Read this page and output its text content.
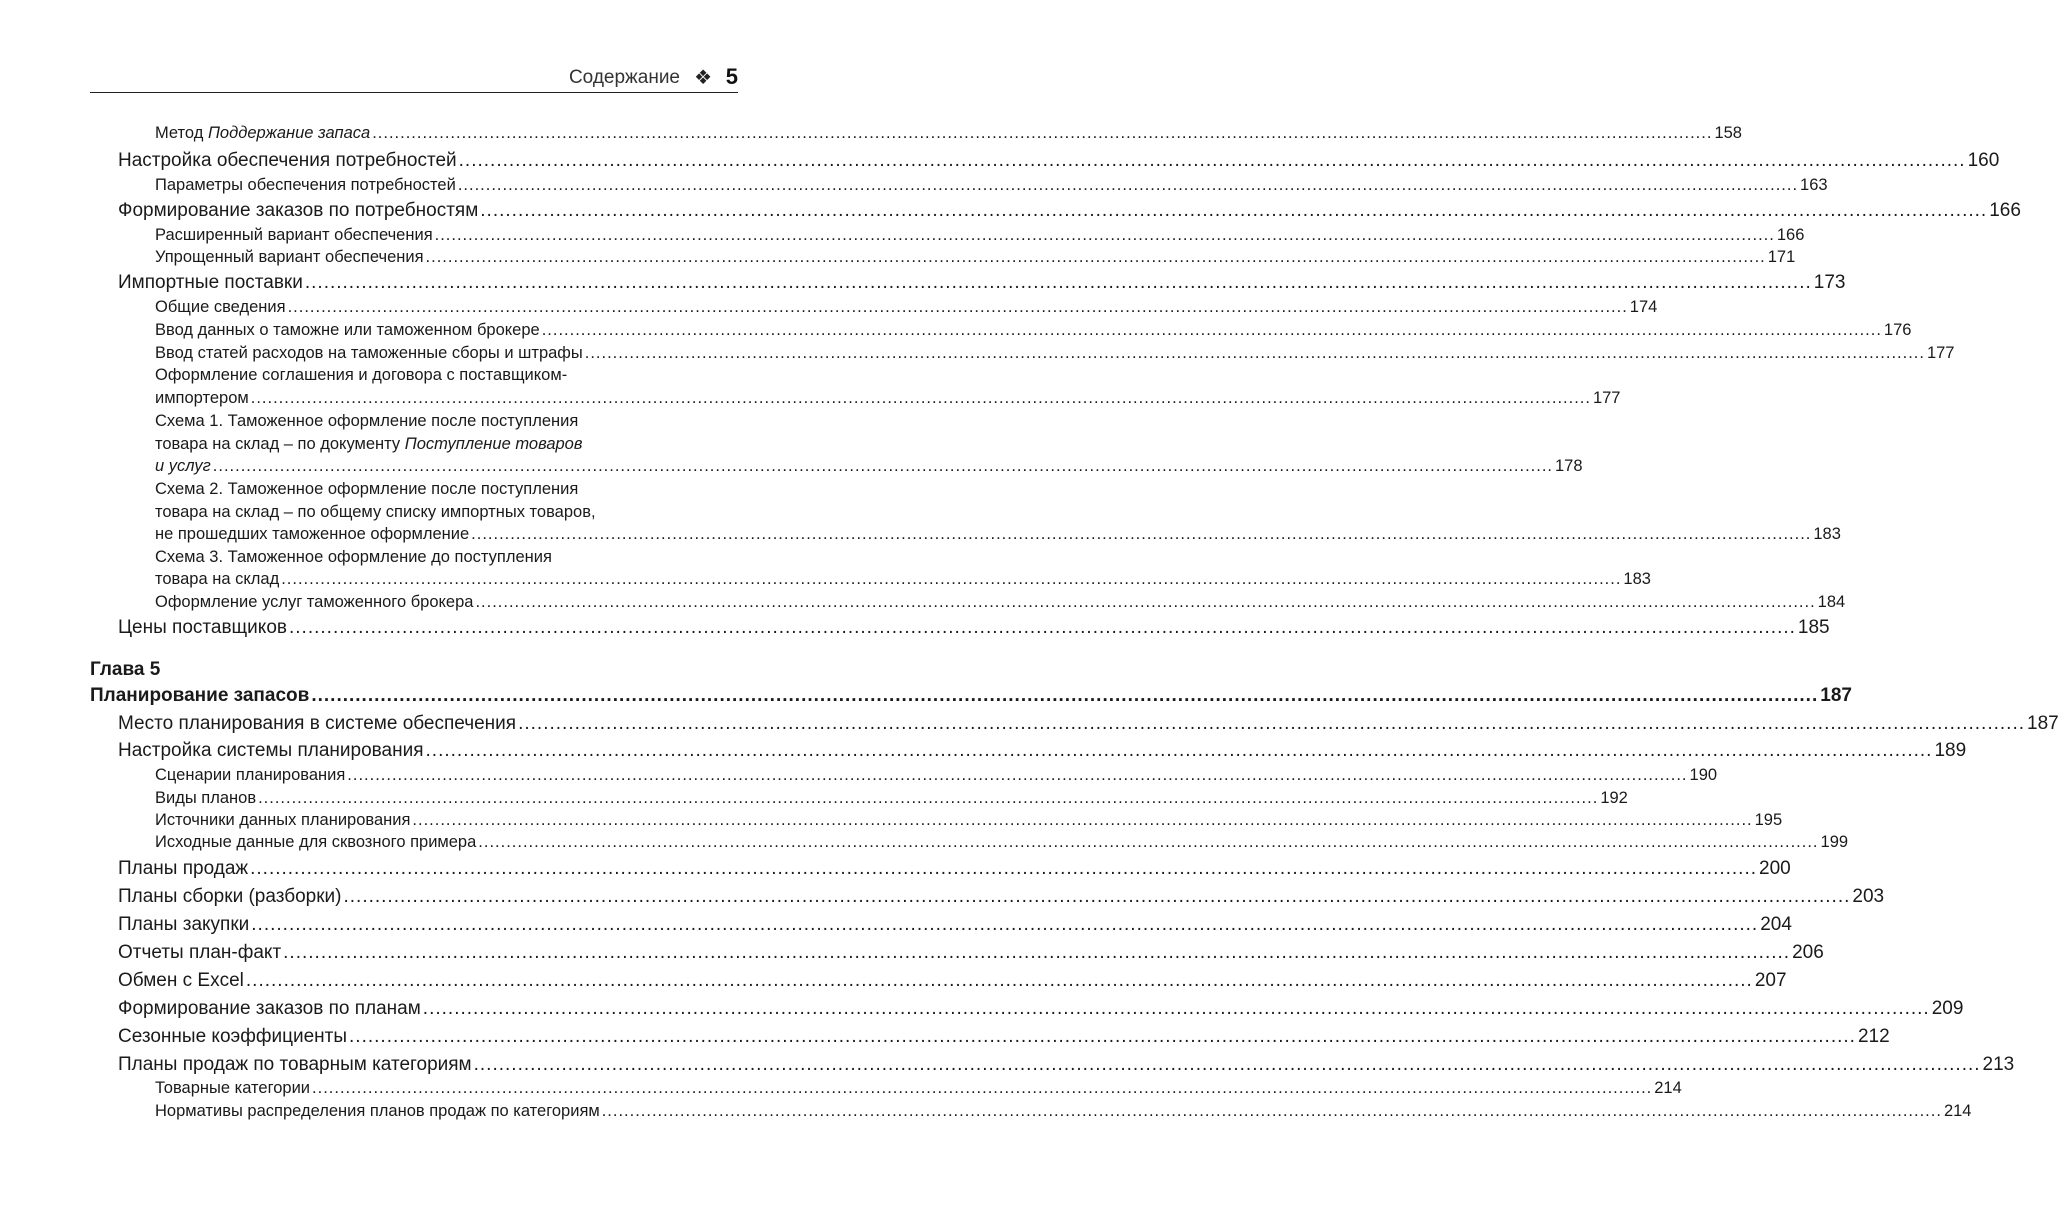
Содержание ❖ 5
Метод Поддержание запаса .....	158
Настройка обеспечения потребностей .....	160
Параметры обеспечения потребностей .....	163
Формирование заказов по потребностям .....	166
Расширенный вариант обеспечения .....	166
Упрощенный вариант обеспечения .....	171
Импортные поставки .....	173
Общие сведения .....	174
Ввод данных о таможне или таможенном брокере .....	176
Ввод статей расходов на таможенные сборы и штрафы .....	177
Оформление соглашения и договора с поставщиком-
импортером .....	177
Схема 1. Таможенное оформление после поступления
товара на склад – по документу Поступление товаров
и услуг .....	178
Схема 2. Таможенное оформление после поступления
товара на склад – по общему списку импортных товаров,
не прошедших таможенное оформление .....	183
Схема 3. Таможенное оформление до поступления
товара на склад .....	183
Оформление услуг таможенного брокера .....	184
Цены поставщиков .....	185
Глава 5
Планирование запасов .....	187
Место планирования в системе обеспечения .....	187
Настройка системы планирования .....	189
Сценарии планирования .....	190
Виды планов .....	192
Источники данных планирования .....	195
Исходные данные для сквозного примера .....	199
Планы продаж .....	200
Планы сборки (разборки) .....	203
Планы закупки .....	204
Отчеты план-факт .....	206
Обмен с Excel .....	207
Формирование заказов по планам .....	209
Сезонные коэффициенты .....	212
Планы продаж по товарным категориям .....	213
Товарные категории .....	214
Нормативы распределения планов продаж по категориям .....	214
